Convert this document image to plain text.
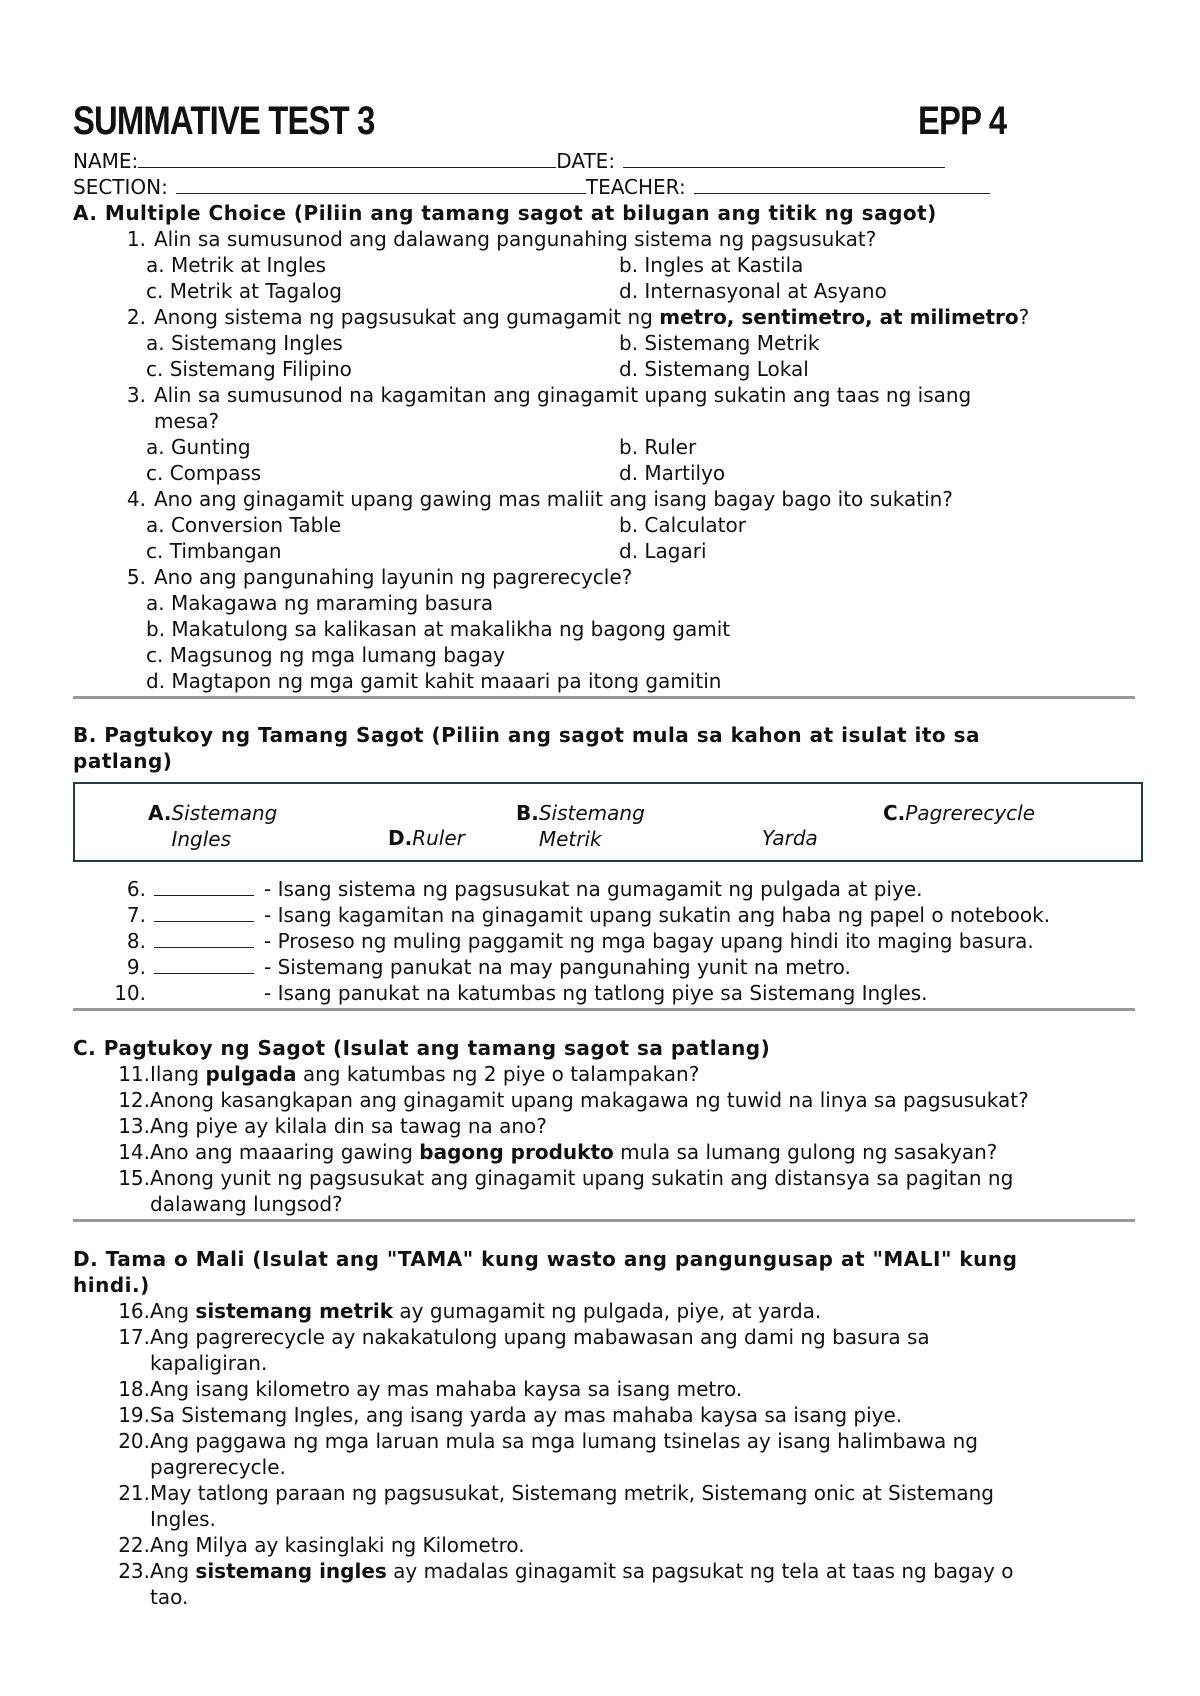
SUMMATIVE TEST 3	EPP 4
NAME:	DATE:
SECTION:	TEACHER:
A. Multiple Choice (Piliin ang tamang sagot at bilugan ang titik ng sagot)
1. Alin sa sumusunod ang dalawang pangunahing sistema ng pagsusukat?
a. Metrik at Ingles	b. Ingles at Kastila
c. Metrik at Tagalog	d. Internasyonal at Asyano
2. Anong sistema ng pagsusukat ang gumagamit ng metro, sentimetro, at milimetro?
a. Sistemang Ingles	b. Sistemang Metrik
c. Sistemang Filipino	d. Sistemang Lokal
3. Alin sa sumusunod na kagamitan ang ginagamit upang sukatin ang taas ng isang
mesa?
a. Gunting	b. Ruler
c. Compass	d. Martilyo
4. Ano ang ginagamit upang gawing mas maliit ang isang bagay bago ito sukatin?
a. Conversion Table	b. Calculator
c. Timbangan	d. Lagari
5. Ano ang pangunahing layunin ng pagrerecycle?
a. Makagawa ng maraming basura
b. Makatulong sa kalikasan at makalikha ng bagong gamit
c. Magsunog ng mga lumang bagay
d. Magtapon ng mga gamit kahit maaari pa itong gamitin
B. Pagtukoy ng Tamang Sagot (Piliin ang sagot mula sa kahon at isulat ito sa
patlang)
A. Sistemang Ingles
B. Sistemang Metrik
C. Pagrerecycle
D. Ruler	Yarda
6.	- Isang sistema ng pagsusukat na gumagamit ng pulgada at piye.
7.	- Isang kagamitan na ginagamit upang sukatin ang haba ng papel o notebook.
8.	- Proseso ng muling paggamit ng mga bagay upang hindi ito maging basura.
9.	- Sistemang panukat na may pangunahing yunit na metro.
10.	- Isang panukat na katumbas ng tatlong piye sa Sistemang Ingles.
C. Pagtukoy ng Sagot (Isulat ang tamang sagot sa patlang)
11. Ilang pulgada ang katumbas ng 2 piye o talampakan?
12. Anong kasangkapan ang ginagamit upang makagawa ng tuwid na linya sa pagsusukat?
13. Ang piye ay kilala din sa tawag na ano?
14. Ano ang maaaring gawing bagong produkto mula sa lumang gulong ng sasakyan?
15. Anong yunit ng pagsusukat ang ginagamit upang sukatin ang distansya sa pagitan ng
dalawang lungsod?
D. Tama o Mali (Isulat ang "TAMA" kung wasto ang pangungusap at "MALI" kung
hindi.)
16. Ang sistemang metrik ay gumagamit ng pulgada, piye, at yarda.
17. Ang pagrerecycle ay nakakatulong upang mabawasan ang dami ng basura sa
kapaligiran.
18. Ang isang kilometro ay mas mahaba kaysa sa isang metro.
19. Sa Sistemang Ingles, ang isang yarda ay mas mahaba kaysa sa isang piye.
20. Ang paggawa ng mga laruan mula sa mga lumang tsinelas ay isang halimbawa ng
pagrerecycle.
21. May tatlong paraan ng pagsusukat, Sistemang metrik, Sistemang onic at Sistemang
Ingles.
22. Ang Milya ay kasinglaki ng Kilometro.
23. Ang sistemang ingles ay madalas ginagamit sa pagsukat ng tela at taas ng bagay o
tao.
